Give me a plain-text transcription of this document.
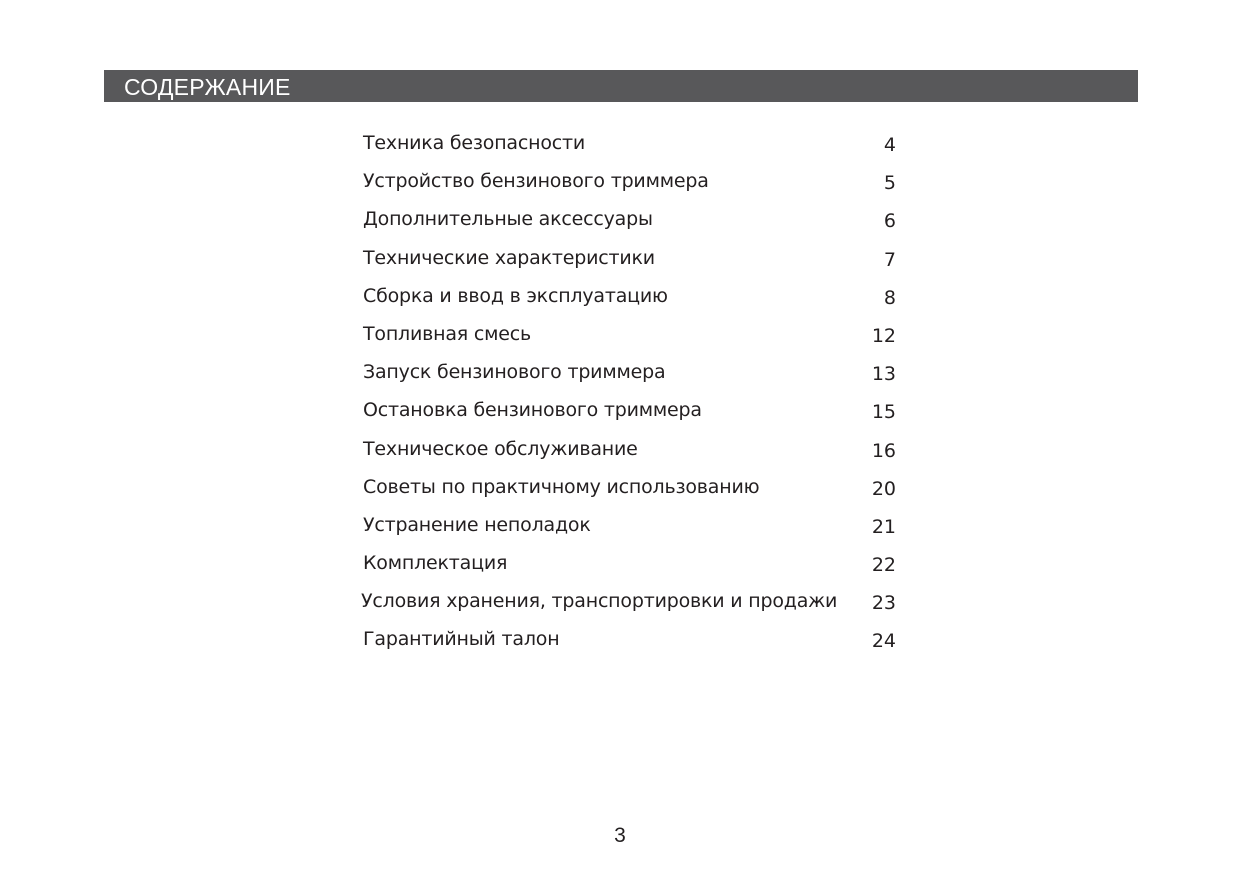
СОДЕРЖАНИЕ
Техника безопасности	4
Устройство бензинового триммера	5
Дополнительные аксессуары	6
Технические характеристики	7
Сборка и ввод в эксплуатацию	8
Топливная смесь	12
Запуск бензинового триммера	13
Остановка бензинового триммера	15
Техническое обслуживание	16
Советы по практичному использованию	20
Устранение неполадок	21
Комплектация	22
Условия хранения, транспортировки и продажи 23
Гарантийный талон	24
3
